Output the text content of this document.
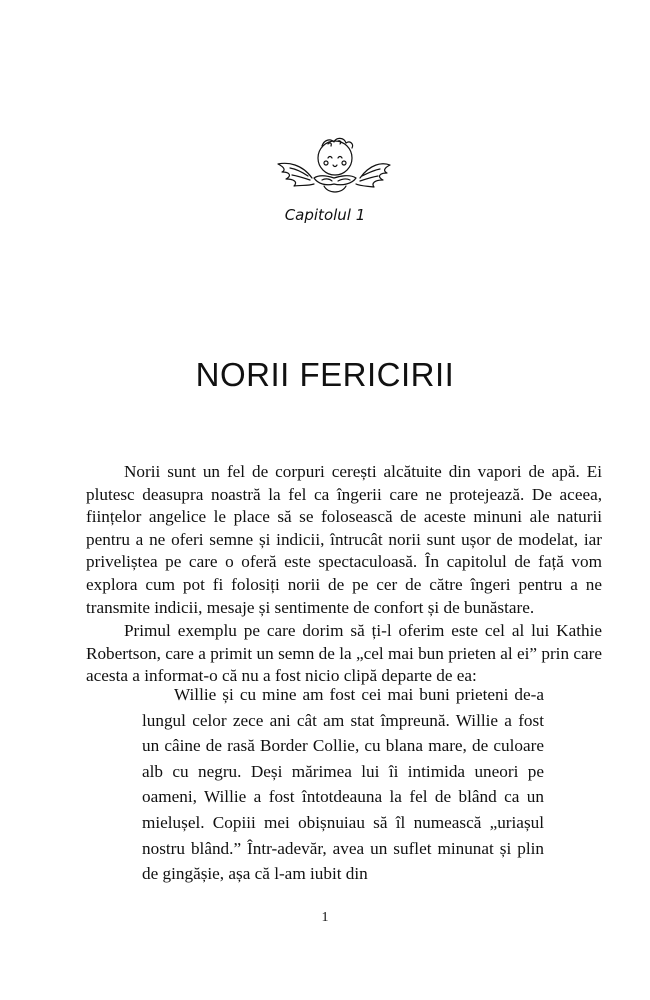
Capitolul 1
NORII FERICIRII

Norii sunt un fel de corpuri cerești alcătuite din vapori de apă. Ei plutesc deasupra noastră la fel ca îngerii care ne protejează. De aceea, ființelor angelice le place să se folosească de aceste minuni ale naturii pentru a ne oferi semne și indicii, întrucât norii sunt ușor de modelat, iar priveliștea pe care o oferă este spectaculoasă. În capitolul de față vom explora cum pot fi folosiți norii de pe cer de către îngeri pentru a ne transmite indicii, mesaje și sentimente de confort și de bunăstare.

Primul exemplu pe care dorim să ți-l oferim este cel al lui Kathie Robertson, care a primit un semn de la „cel mai bun prieten al ei” prin care acesta a informat-o că nu a fost nicio clipă departe de ea:

Willie și cu mine am fost cei mai buni prieteni de-a lungul celor zece ani cât am stat împreună. Willie a fost un câine de rasă Border Collie, cu blana mare, de culoare alb cu negru. Deși mărimea lui îi intimida uneori pe oameni, Willie a fost întotdeauna la fel de blând ca un mielușel. Copiii mei obișnuiau să îl numească „uriașul nostru blând.” Într-adevăr, avea un suflet minunat și plin de gingășie, așa că l-am iubit din

1
